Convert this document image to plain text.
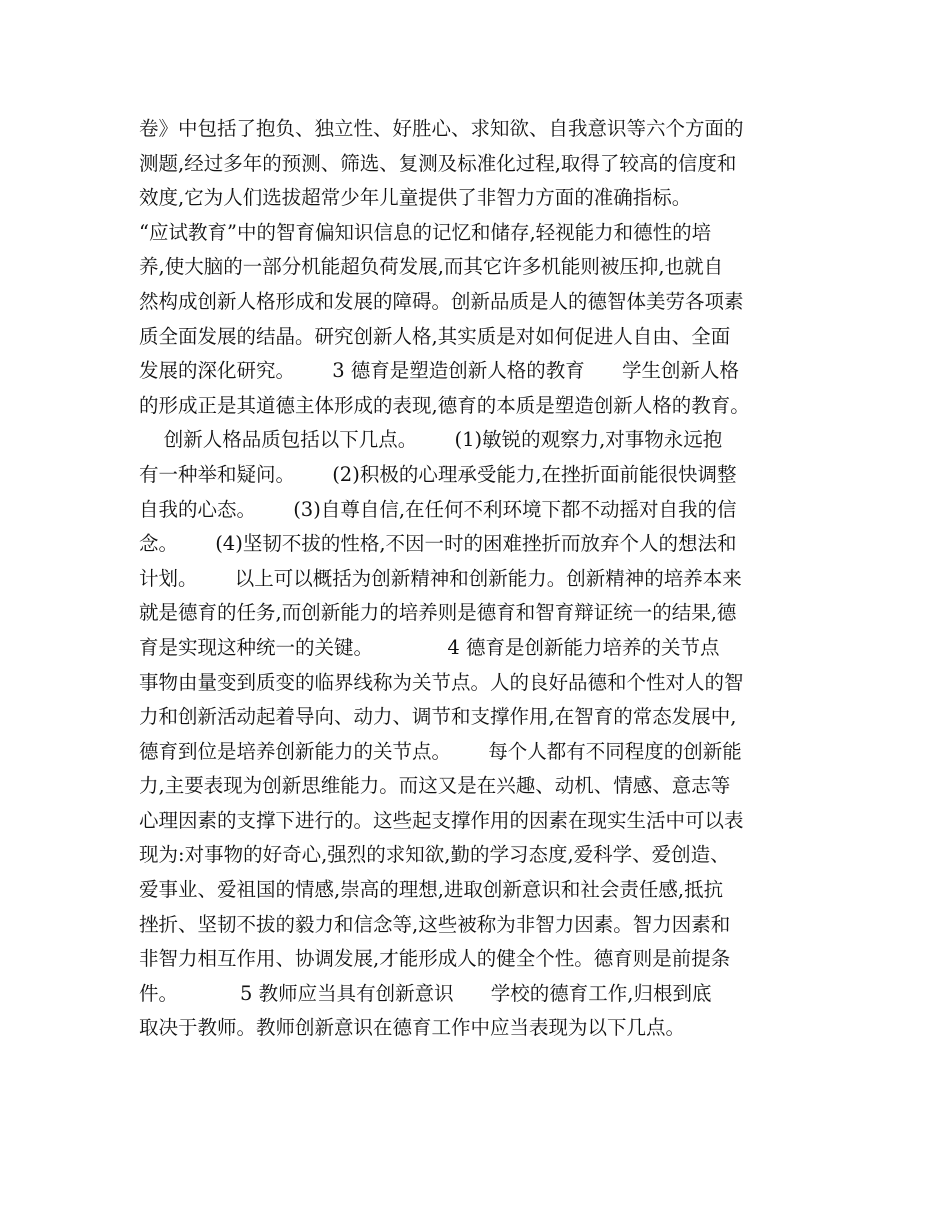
卷》中包括了抱负、独立性、好胜心、求知欲、自我意识等六个方面的
测题,经过多年的预测、筛选、复测及标准化过程,取得了较高的信度和
效度,它为人们选拔超常少年儿童提供了非智力方面的准确指标。
“应试教育”中的智育偏知识信息的记忆和储存,轻视能力和德性的培
养,使大脑的一部分机能超负荷发展,而其它许多机能则被压抑,也就自
然构成创新人格形成和发展的障碍。创新品质是人的德智体美劳各项素
质全面发展的结晶。研究创新人格,其实质是对如何促进人自由、全面
发展的深化研究。      3 德育是塑造创新人格的教育      学生创新人格
的形成正是其道德主体形成的表现,德育的本质是塑造创新人格的教育。
创新人格品质包括以下几点。      (1)敏锐的观察力,对事物永远抱
有一种举和疑问。      (2)积极的心理承受能力,在挫折面前能很快调整
自我的心态。      (3)自尊自信,在任何不利环境下都不动摇对自我的信
念。      (4)坚韧不拔的性格,不因一时的困难挫折而放弃个人的想法和
计划。      以上可以概括为创新精神和创新能力。创新精神的培养本来
就是德育的任务,而创新能力的培养则是德育和智育辩证统一的结果,德
育是实现这种统一的关键。            4 德育是创新能力培养的关节点
事物由量变到质变的临界线称为关节点。人的良好品德和个性对人的智
力和创新活动起着导向、动力、调节和支撑作用,在智育的常态发展中,
德育到位是培养创新能力的关节点。      每个人都有不同程度的创新能
力,主要表现为创新思维能力。而这又是在兴趣、动机、情感、意志等
心理因素的支撑下进行的。这些起支撑作用的因素在现实生活中可以表
现为:对事物的好奇心,强烈的求知欲,勤的学习态度,爱科学、爱创造、
爱事业、爱祖国的情感,崇高的理想,进取创新意识和社会责任感,抵抗
挫折、坚韧不拔的毅力和信念等,这些被称为非智力因素。智力因素和
非智力相互作用、协调发展,才能形成人的健全个性。德育则是前提条
件。          5 教师应当具有创新意识      学校的德育工作,归根到底
取决于教师。教师创新意识在德育工作中应当表现为以下几点。
